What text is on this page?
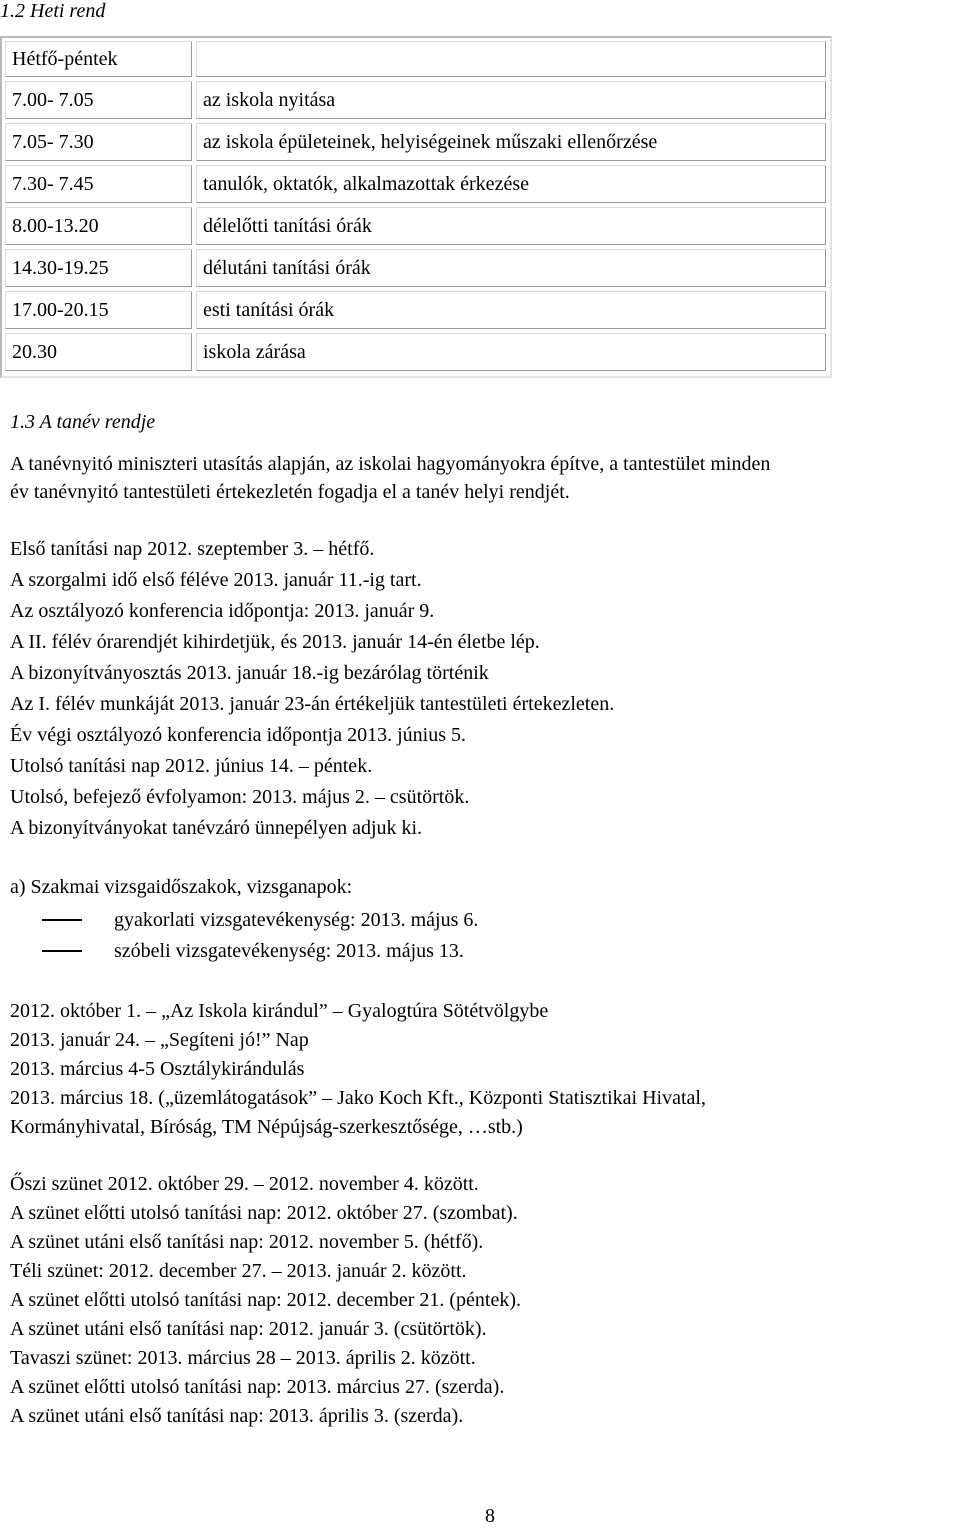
1.2 Heti rend
Hétfő-péntek
7.00- 7.05	az iskola nyitása
7.05- 7.30	az iskola épületeinek, helyiségeinek műszaki ellenőrzése
7.30- 7.45	tanulók, oktatók, alkalmazottak érkezése
8.00-13.20	délelőtti tanítási órák
14.30-19.25	délutáni tanítási órák
17.00-20.15	esti tanítási órák
20.30	iskola zárása
1.3 A tanév rendje
A tanévnyitó miniszteri utasítás alapján, az iskolai hagyományokra építve, a tantestület minden
év tanévnyitó tantestületi értekezletén fogadja el a tanév helyi rendjét.
Első tanítási nap 2012. szeptember 3. – hétfő.
A szorgalmi idő első féléve 2013. január 11.-ig tart.
Az osztályozó konferencia időpontja: 2013. január 9.
A II. félév órarendjét kihirdetjük, és 2013. január 14-én életbe lép.
A bizonyítványosztás 2013. január 18.-ig bezárólag történik
Az I. félév munkáját 2013. január 23-án értékeljük tantestületi értekezleten.
Év végi osztályozó konferencia időpontja 2013. június 5.
Utolsó tanítási nap 2012. június 14. – péntek.
Utolsó, befejező évfolyamon: 2013. május 2. – csütörtök.
A bizonyítványokat tanévzáró ünnepélyen adjuk ki.
a) Szakmai vizsgaidőszakok, vizsganapok:
gyakorlati vizsgatevékenység: 2013. május 6.
szóbeli vizsgatevékenység: 2013. május 13.
2012. október 1. – „Az Iskola kirándul” – Gyalogtúra Sötétvölgybe
2013. január 24. – „Segíteni jó!” Nap
2013. március 4-5 Osztálykirándulás
2013. március 18. („üzemlátogatások” – Jako Koch Kft., Központi Statisztikai Hivatal,
Kormányhivatal, Bíróság, TM Népújság-szerkesztősége, …stb.)
Őszi szünet 2012. október 29. – 2012. november 4. között.
A szünet előtti utolsó tanítási nap: 2012. október 27. (szombat).
A szünet utáni első tanítási nap: 2012. november 5. (hétfő).
Téli szünet: 2012. december 27. – 2013. január 2. között.
A szünet előtti utolsó tanítási nap: 2012. december 21. (péntek).
A szünet utáni első tanítási nap: 2012. január 3. (csütörtök).
Tavaszi szünet: 2013. március 28 – 2013. április 2. között.
A szünet előtti utolsó tanítási nap: 2013. március 27. (szerda).
A szünet utáni első tanítási nap: 2013. április 3. (szerda).
8
